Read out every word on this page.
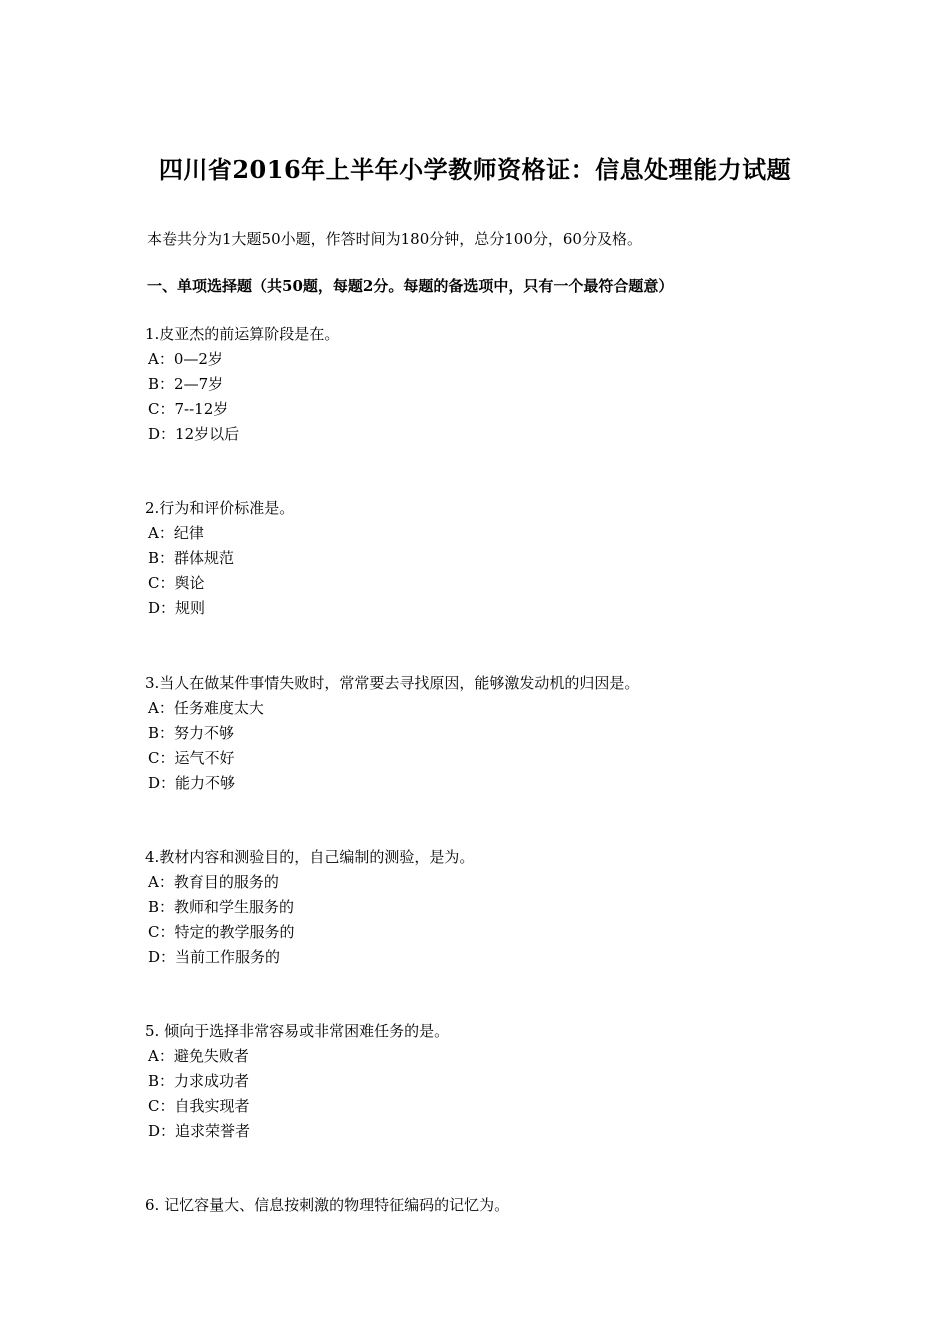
四川省2016年上半年小学教师资格证：信息处理能力试题
本卷共分为1大题50小题，作答时间为180分钟，总分100分，60分及格。
一、单项选择题（共50题，每题2分。每题的备选项中，只有一个最符合题意）
1.皮亚杰的前运算阶段是在。
A：0—2岁
B：2—7岁
C：7--12岁
D：12岁以后
2.行为和评价标准是。
A：纪律
B：群体规范
C：舆论
D：规则
3.当人在做某件事情失败时，常常要去寻找原因，能够激发动机的归因是。
A：任务难度太大
B：努力不够
C：运气不好
D：能力不够
4.教材内容和测验目的，自己编制的测验，是为。
A：教育目的服务的
B：教师和学生服务的
C：特定的教学服务的
D：当前工作服务的
5. 倾向于选择非常容易或非常困难任务的是。
A：避免失败者
B：力求成功者
C：自我实现者
D：追求荣誉者
6. 记忆容量大、信息按刺激的物理特征编码的记忆为。
